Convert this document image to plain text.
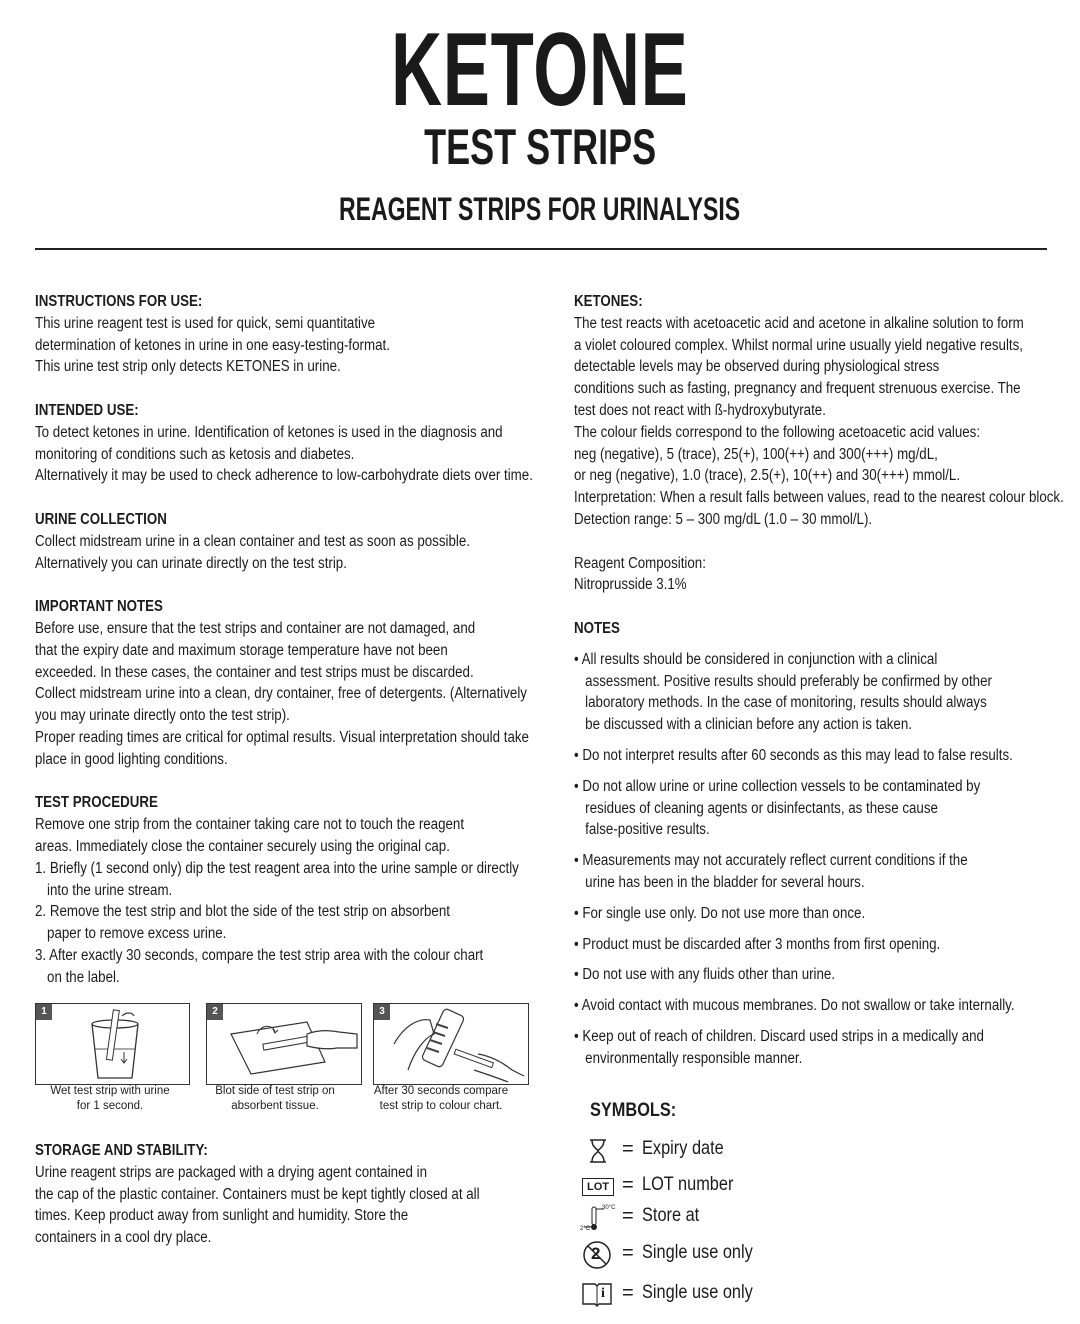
KETONE
TEST STRIPS
REAGENT STRIPS FOR URINALYSIS
INSTRUCTIONS FOR USE:
This urine reagent test is used for quick, semi quantitative
determination of ketones in urine in one easy-testing-format.
This urine test strip only detects KETONES in urine.
INTENDED USE:
To detect ketones in urine. Identification of ketones is used in the diagnosis and
monitoring of conditions such as ketosis and diabetes.
Alternatively it may be used to check adherence to low-carbohydrate diets over time.
URINE COLLECTION
Collect midstream urine in a clean container and test as soon as possible.
Alternatively you can urinate directly on the test strip.
IMPORTANT NOTES
Before use, ensure that the test strips and container are not damaged, and
that the expiry date and maximum storage temperature have not been
exceeded. In these cases, the container and test strips must be discarded.
Collect midstream urine into a clean, dry container, free of detergents. (Alternatively
you may urinate directly onto the test strip).
Proper reading times are critical for optimal results. Visual interpretation should take
place in good lighting conditions.
TEST PROCEDURE
Remove one strip from the container taking care not to touch the reagent
areas. Immediately close the container securely using the original cap.
1. Briefly (1 second only) dip the test reagent area into the urine sample or directly
into the urine stream.
2. Remove the test strip and blot the side of the test strip on absorbent
paper to remove excess urine.
3. After exactly 30 seconds, compare the test strip area with the colour chart
on the label.
1	2	3
Wet test strip with urine
for 1 second.
Blot side of test strip on
absorbent tissue.
After 30 seconds compare
test strip to colour chart.
STORAGE AND STABILITY:
Urine reagent strips are packaged with a drying agent contained in
the cap of the plastic container. Containers must be kept tightly closed at all
times. Keep product away from sunlight and humidity. Store the
containers in a cool dry place.
KETONES:
The test reacts with acetoacetic acid and acetone in alkaline solution to form
a violet coloured complex. Whilst normal urine usually yield negative results,
detectable levels may be observed during physiological stress
conditions such as fasting, pregnancy and frequent strenuous exercise. The
test does not react with ß-hydroxybutyrate.
The colour fields correspond to the following acetoacetic acid values:
neg (negative), 5 (trace), 25(+), 100(++) and 300(+++) mg/dL,
or neg (negative), 1.0 (trace), 2.5(+), 10(++) and 30(+++) mmol/L.
Interpretation: When a result falls between values, read to the nearest colour block.
Detection range: 5 – 300 mg/dL (1.0 – 30 mmol/L).
Reagent Composition:
Nitroprusside 3.1%
NOTES
• All results should be considered in conjunction with a clinical
assessment. Positive results should preferably be confirmed by other
laboratory methods. In the case of monitoring, results should always
be discussed with a clinician before any action is taken.
• Do not interpret results after 60 seconds as this may lead to false results.
• Do not allow urine or urine collection vessels to be contaminated by
residues of cleaning agents or disinfectants, as these cause
false-positive results.
• Measurements may not accurately reflect current conditions if the
urine has been in the bladder for several hours.
• For single use only. Do not use more than once.
• Product must be discarded after 3 months from first opening.
• Do not use with any fluids other than urine.
• Avoid contact with mucous membranes. Do not swallow or take internally.
• Keep out of reach of children. Discard used strips in a medically and
environmentally responsible manner.
SYMBOLS:
= Expiry date
LOT = LOT number
30°C
2°C
= Store at
2 = Single use only
i = Single use only
